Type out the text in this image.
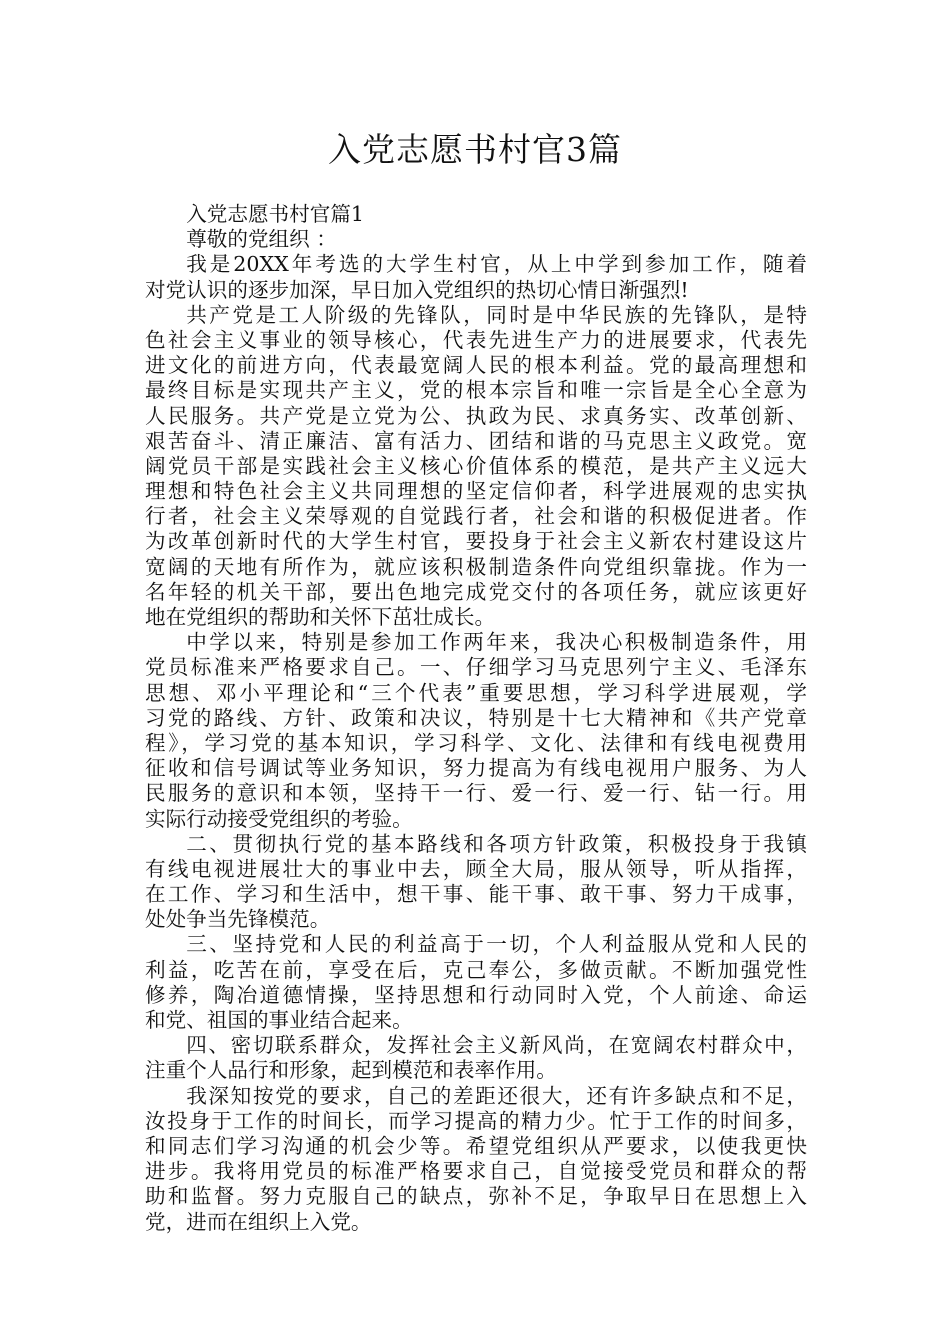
入党志愿书村官3篇
入党志愿书村官篇1
尊敬的党组织 ：
我是20XX年考选的大学生村官，从上中学到参加工作，随着
对党认识的逐步加深，早日加入党组织的热切心情日渐强烈!
共产党是工人阶级的先锋队，同时是中华民族的先锋队，是特
色社会主义事业的领导核心，代表先进生产力的进展要求，代表先
进文化的前进方向，代表最宽阔人民的根本利益。党的最高理想和
最终目标是实现共产主义，党的根本宗旨和唯一宗旨是全心全意为
人民服务。共产党是立党为公、执政为民、求真务实、改革创新、
艰苦奋斗、清正廉洁、富有活力、团结和谐的马克思主义政党。宽
阔党员干部是实践社会主义核心价值体系的模范，是共产主义远大
理想和特色社会主义共同理想的坚定信仰者，科学进展观的忠实执
行者，社会主义荣辱观的自觉践行者，社会和谐的积极促进者。作
为改革创新时代的大学生村官，要投身于社会主义新农村建设这片
宽阔的天地有所作为，就应该积极制造条件向党组织靠拢。作为一
名年轻的机关干部，要出色地完成党交付的各项任务，就应该更好
地在党组织的帮助和关怀下茁壮成长。
中学以来，特别是参加工作两年来，我决心积极制造条件，用
党员标准来严格要求自己。一、仔细学习马克思列宁主义、毛泽东
思想、邓小平理论和“三个代表”重要思想，学习科学进展观，学
习党的路线、方针、政策和决议，特别是十七大精神和《共产党章
程》，学习党的基本知识，学习科学、文化、法律和有线电视费用
征收和信号调试等业务知识，努力提高为有线电视用户服务、为人
民服务的意识和本领，坚持干一行、爱一行、爱一行、钻一行。用
实际行动接受党组织的考验。
二、贯彻执行党的基本路线和各项方针政策，积极投身于我镇
有线电视进展壮大的事业中去，顾全大局，服从领导，听从指挥，
在工作、学习和生活中，想干事、能干事、敢干事、努力干成事，
处处争当先锋模范。
三、坚持党和人民的利益高于一切，个人利益服从党和人民的
利益，吃苦在前，享受在后，克己奉公，多做贡献。不断加强党性
修养，陶冶道德情操，坚持思想和行动同时入党，个人前途、命运
和党、祖国的事业结合起来。
四、密切联系群众，发挥社会主义新风尚，在宽阔农村群众中，
注重个人品行和形象，起到模范和表率作用。
我深知按党的要求，自己的差距还很大，还有许多缺点和不足，
汝投身于工作的时间长，而学习提高的精力少。忙于工作的时间多，
和同志们学习沟通的机会少等。希望党组织从严要求，以使我更快
进步。我将用党员的标准严格要求自己，自觉接受党员和群众的帮
助和监督。努力克服自己的缺点，弥补不足，争取早日在思想上入
党，进而在组织上入党。
